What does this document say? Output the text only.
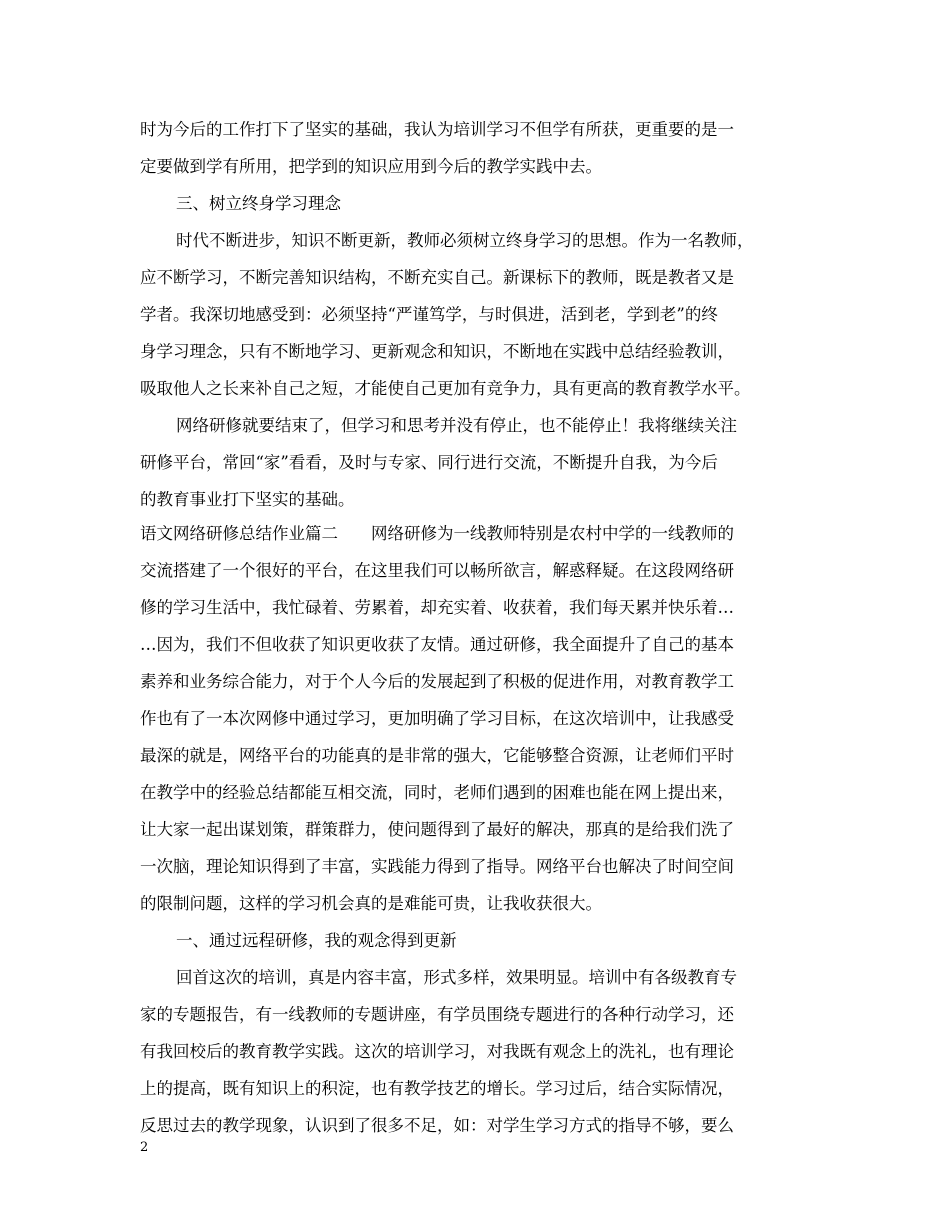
时为今后的工作打下了坚实的基础，我认为培训学习不但学有所获，更重要的是一
定要做到学有所用，把学到的知识应用到今后的教学实践中去。
三、树立终身学习理念
时代不断进步，知识不断更新，教师必须树立终身学习的思想。作为一名教师，
应不断学习，不断完善知识结构，不断充实自己。新课标下的教师，既是教者又是
学者。我深切地感受到：必须坚持“严谨笃学，与时俱进，活到老，学到老”的终
身学习理念，只有不断地学习、更新观念和知识，不断地在实践中总结经验教训，
吸取他人之长来补自己之短，才能使自己更加有竞争力，具有更高的教育教学水平。
网络研修就要结束了，但学习和思考并没有停止，也不能停止！我将继续关注
研修平台，常回“家”看看，及时与专家、同行进行交流，不断提升自我，为今后
的教育事业打下坚实的基础。
语文网络研修总结作业篇二　　网络研修为一线教师特别是农村中学的一线教师的
交流搭建了一个很好的平台，在这里我们可以畅所欲言，解惑释疑。在这段网络研
修的学习生活中，我忙碌着、劳累着，却充实着、收获着，我们每天累并快乐着…
…因为，我们不但收获了知识更收获了友情。通过研修，我全面提升了自己的基本
素养和业务综合能力，对于个人今后的发展起到了积极的促进作用，对教育教学工
作也有了一本次网修中通过学习，更加明确了学习目标，在这次培训中，让我感受
最深的就是，网络平台的功能真的是非常的强大，它能够整合资源，让老师们平时
在教学中的经验总结都能互相交流，同时，老师们遇到的困难也能在网上提出来，
让大家一起出谋划策，群策群力，使问题得到了最好的解决，那真的是给我们洗了
一次脑，理论知识得到了丰富，实践能力得到了指导。网络平台也解决了时间空间
的限制问题，这样的学习机会真的是难能可贵，让我收获很大。
一、通过远程研修，我的观念得到更新
回首这次的培训，真是内容丰富，形式多样，效果明显。培训中有各级教育专
家的专题报告，有一线教师的专题讲座，有学员围绕专题进行的各种行动学习，还
有我回校后的教育教学实践。这次的培训学习，对我既有观念上的洗礼，也有理论
上的提高，既有知识上的积淀，也有教学技艺的增长。学习过后，结合实际情况，
反思过去的教学现象，认识到了很多不足，如：对学生学习方式的指导不够，要么
2
